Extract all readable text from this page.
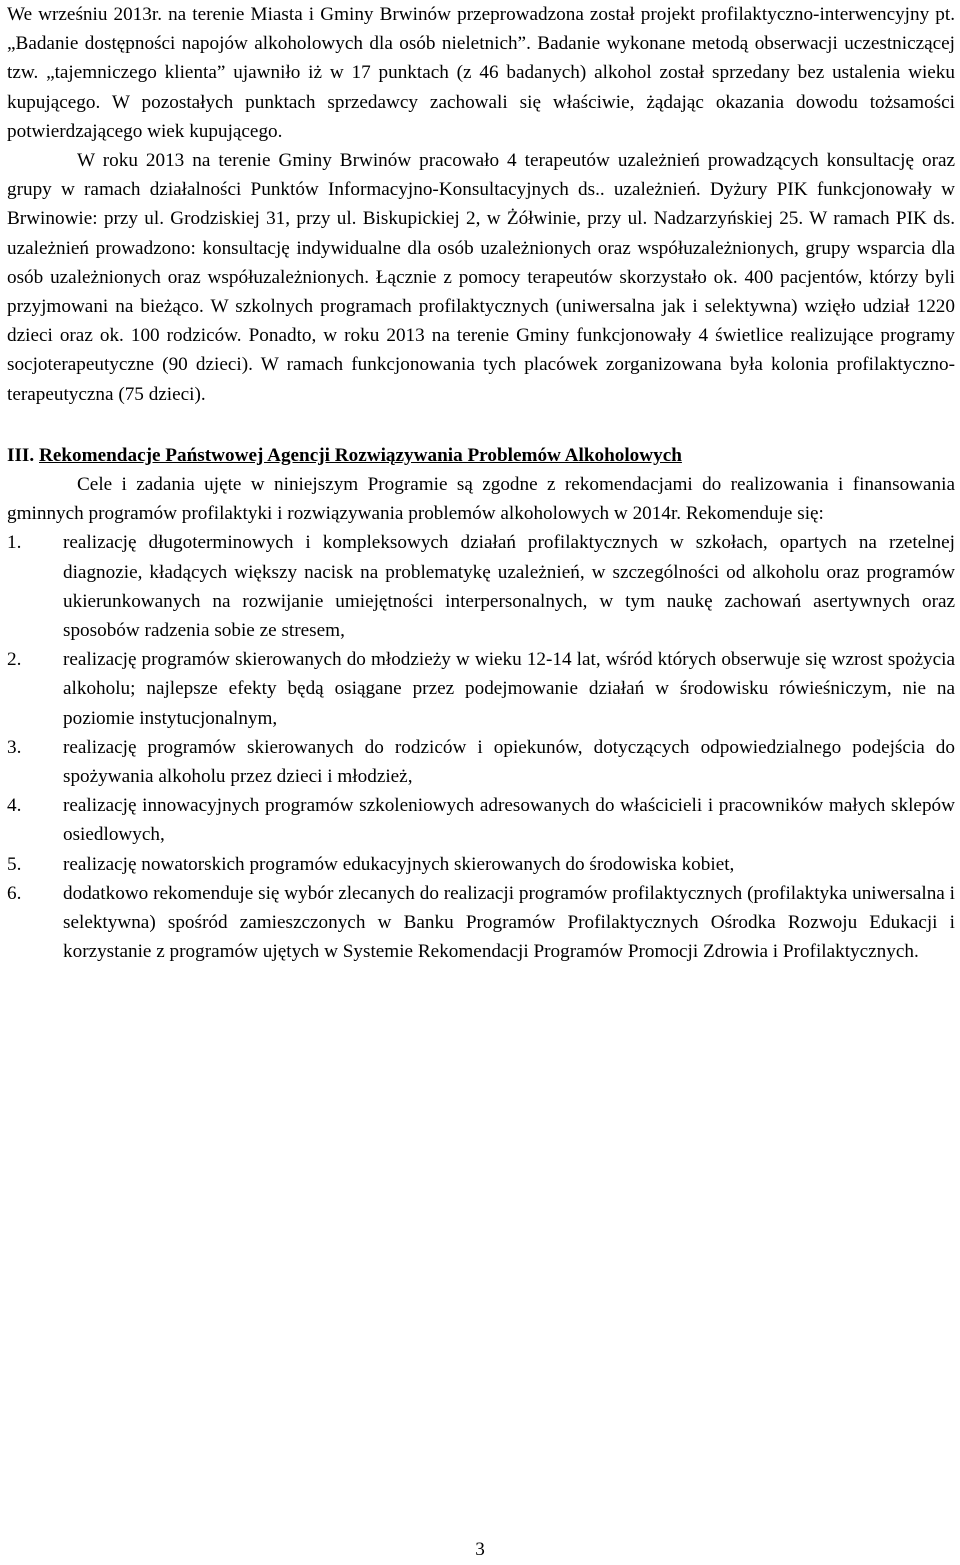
We wrześniu 2013r. na terenie Miasta i Gminy Brwinów przeprowadzona został projekt profilaktyczno-interwencyjny pt. „Badanie dostępności napojów alkoholowych dla osób nieletnich”. Badanie wykonane metodą obserwacji uczestniczącej tzw. „tajemniczego klienta” ujawniło iż w 17 punktach (z 46 badanych) alkohol został sprzedany bez ustalenia wieku kupującego. W pozostałych punktach sprzedawcy zachowali się właściwie, żądając okazania dowodu tożsamości potwierdzającego wiek kupującego.

W roku 2013 na terenie Gminy Brwinów pracowało 4 terapeutów uzależnień prowadzących konsultację oraz grupy w ramach działalności Punktów Informacyjno-Konsultacyjnych ds.. uzależnień. Dyżury PIK funkcjonowały w Brwinowie: przy ul. Grodziskiej 31, przy ul. Biskupickiej 2, w Żółwinie, przy ul. Nadzarzyńskiej 25. W ramach PIK ds. uzależnień prowadzono: konsultację indywidualne dla osób uzależnionych oraz współuzależnionych, grupy wsparcia dla osób uzależnionych oraz współuzależnionych. Łącznie z pomocy terapeutów skorzystało ok. 400 pacjentów, którzy byli przyjmowani na bieżąco. W szkolnych programach profilaktycznych (uniwersalna jak i selektywna) wzięło udział 1220 dzieci oraz ok. 100 rodziców. Ponadto, w roku 2013 na terenie Gminy funkcjonowały 4 świetlice realizujące programy socjoterapeutyczne (90 dzieci). W ramach funkcjonowania tych placówek zorganizowana była kolonia profilaktyczno-terapeutyczna (75 dzieci).

III. Rekomendacje Państwowej Agencji Rozwiązywania Problemów Alkoholowych

Cele i zadania ujęte w niniejszym Programie są zgodne z rekomendacjami do realizowania i finansowania gminnych programów profilaktyki i rozwiązywania problemów alkoholowych w 2014r. Rekomenduje się:

1. realizację długoterminowych i kompleksowych działań profilaktycznych w szkołach, opartych na rzetelnej diagnozie, kładących większy nacisk na problematykę uzależnień, w szczególności od alkoholu oraz programów ukierunkowanych na rozwijanie umiejętności interpersonalnych, w tym naukę zachowań asertywnych oraz sposobów radzenia sobie ze stresem,
2. realizację programów skierowanych do młodzieży w wieku 12-14 lat, wśród których obserwuje się wzrost spożycia alkoholu; najlepsze efekty będą osiągane przez podejmowanie działań w środowisku rówieśniczym, nie na poziomie instytucjonalnym,
3. realizację programów skierowanych do rodziców i opiekunów, dotyczących odpowiedzialnego podejścia do spożywania alkoholu przez dzieci i młodzież,
4. realizację innowacyjnych programów szkoleniowych adresowanych do właścicieli i pracowników małych sklepów osiedlowych,
5. realizację nowatorskich programów edukacyjnych skierowanych do środowiska kobiet,
6. dodatkowo rekomenduje się wybór zlecanych do realizacji programów profilaktycznych (profilaktyka uniwersalna i selektywna) spośród zamieszczonych w Banku Programów Profilaktycznych Ośrodka Rozwoju Edukacji i korzystanie z programów ujętych w Systemie Rekomendacji Programów Promocji Zdrowia i Profilaktycznych.
3
